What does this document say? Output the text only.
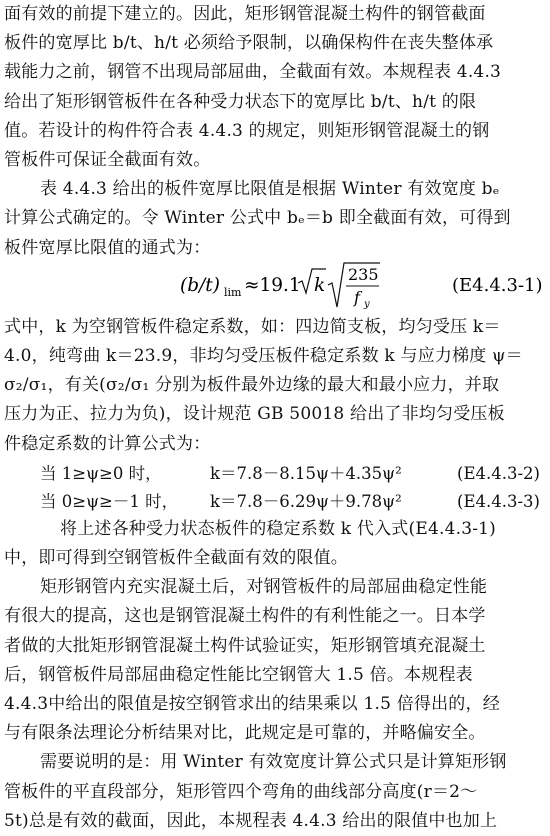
面有效的前提下建立的。因此，矩形钢管混凝土构件的钢管截面
板件的宽厚比 b/t、h/t 必须给予限制，以确保构件在丧失整体承
载能力之前，钢管不出现局部屈曲，全截面有效。本规程表 4.4.3
给出了矩形钢管板件在各种受力状态下的宽厚比 b/t、h/t 的限
值。若设计的构件符合表 4.4.3 的规定，则矩形钢管混凝土的钢
管板件可保证全截面有效。
表 4.4.3 给出的板件宽厚比限值是根据 Winter 有效宽度 bₑ
计算公式确定的。令 Winter 公式中 bₑ＝b 即全截面有效，可得到
板件宽厚比限值的通式为：
(b/t) lim ≈19.1 k
235
f y
(E4.4.3-1)
式中，k 为空钢管板件稳定系数，如：四边简支板，均匀受压 k＝
4.0，纯弯曲 k＝23.9，非均匀受压板件稳定系数 k 与应力梯度 ψ＝
σ₂/σ₁，有关(σ₂/σ₁ 分别为板件最外边缘的最大和最小应力，并取
压力为正、拉力为负)，设计规范 GB 50018 给出了非均匀受压板
件稳定系数的计算公式为：
当 1≥ψ≥0 时，	k＝7.8－8.15ψ＋4.35ψ²	(E4.4.3-2)
当 0≥ψ≥－1 时， k＝7.8－6.29ψ＋9.78ψ²	(E4.4.3-3)
将上述各种受力状态板件的稳定系数 k 代入式(E4.4.3-1)
中，即可得到空钢管板件全截面有效的限值。
矩形钢管内充实混凝土后，对钢管板件的局部屈曲稳定性能
有很大的提高，这也是钢管混凝土构件的有利性能之一。日本学
者做的大批矩形钢管混凝土构件试验证实，矩形钢管填充混凝土
后，钢管板件局部屈曲稳定性能比空钢管大 1.5 倍。本规程表
4.4.3中给出的限值是按空钢管求出的结果乘以 1.5 倍得出的，经
与有限条法理论分析结果对比，此规定是可靠的，并略偏安全。
需要说明的是：用 Winter 有效宽度计算公式只是计算矩形钢
管板件的平直段部分，矩形管四个弯角的曲线部分高度(r＝2～
5t)总是有效的截面，因此，本规程表 4.4.3 给出的限值中也加上
